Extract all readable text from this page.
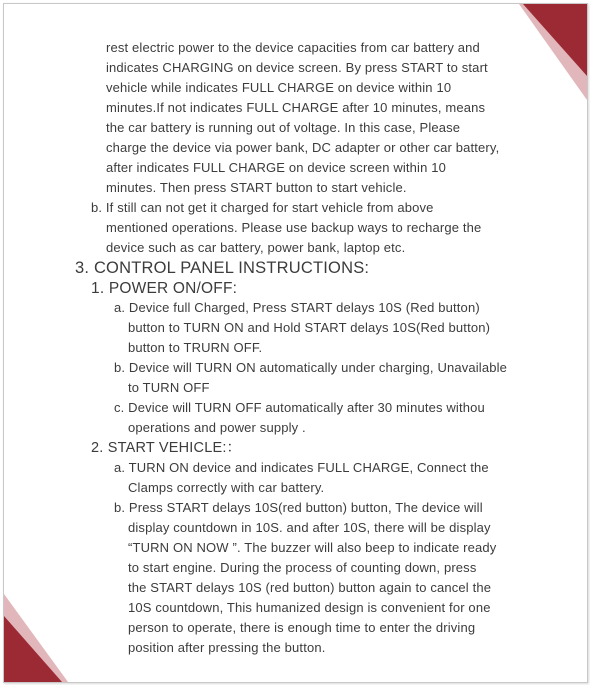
rest electric power to the device capacities from car battery and
indicates CHARGING on device screen. By press START to start
vehicle while indicates FULL CHARGE on device within 10
minutes.If not indicates FULL CHARGE after 10 minutes, means
the car battery is running out of voltage. In this case, Please
charge the device via power bank, DC adapter or other car battery,
after indicates FULL CHARGE on device screen within 10
minutes. Then press START button to start vehicle.
b. If still can not get it charged for start vehicle from above
mentioned operations. Please use backup ways to recharge the
device such as car battery, power bank, laptop etc.
3. CONTROL PANEL INSTRUCTIONS:
1. POWER ON/OFF:
a. Device full Charged, Press START delays 10S (Red button)
button to TURN ON and Hold START delays 10S(Red button)
button to TRURN OFF.
b. Device will TURN ON automatically under charging, Unavailable
to TURN OFF
c. Device will TURN OFF automatically after 30 minutes withou
operations and power supply .
2. START VEHICLE:：
a. TURN ON device and indicates FULL CHARGE, Connect the
Clamps correctly with car battery.
b. Press START delays 10S(red button) button, The device will
display countdown in 10S. and after 10S, there will be display
“TURN ON NOW ”. The buzzer will also beep to indicate ready
to start engine. During the process of counting down, press
the START delays 10S (red button) button again to cancel the
10S countdown, This humanized design is convenient for one
person to operate, there is enough time to enter the driving
position after pressing the button.
